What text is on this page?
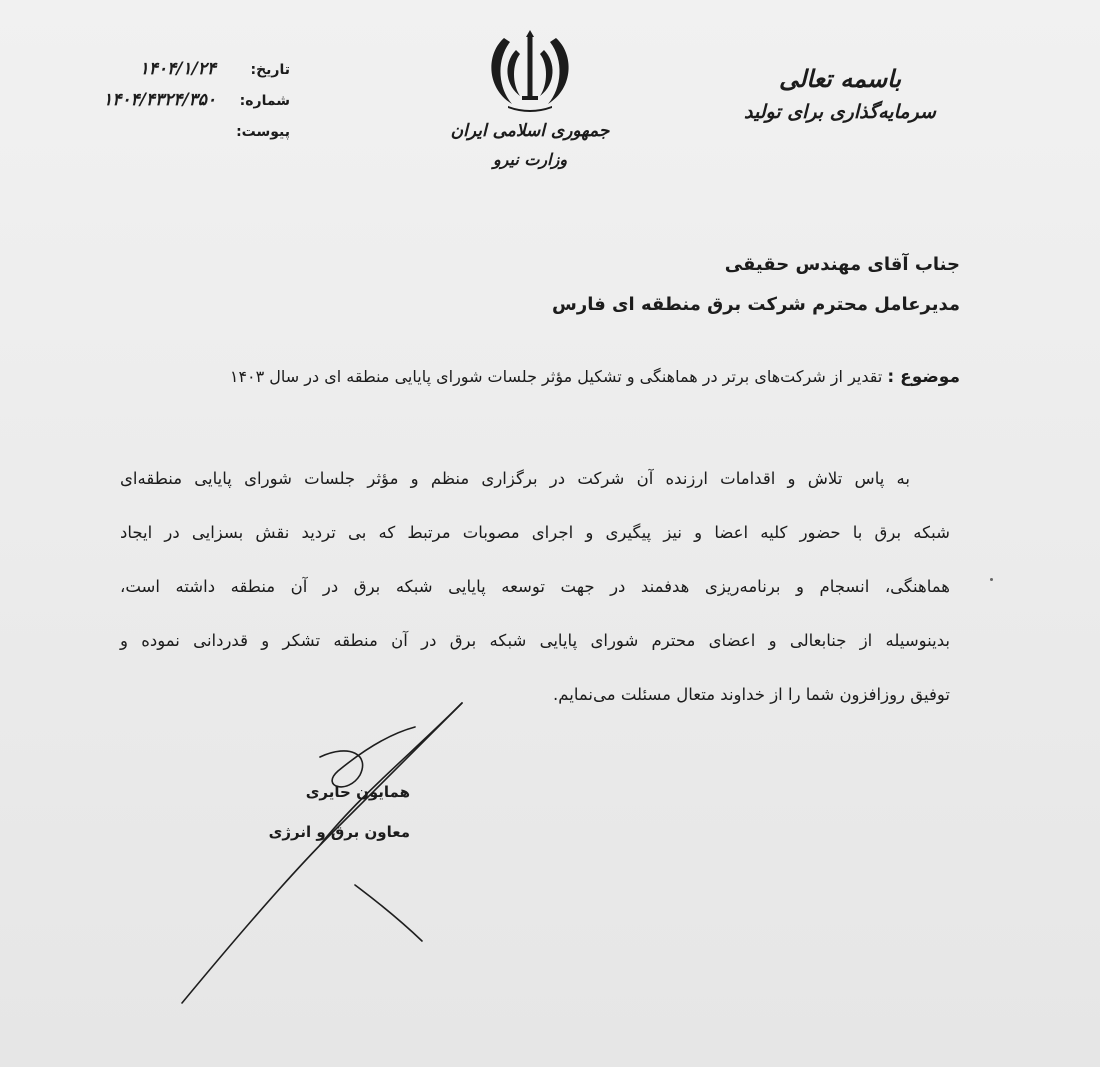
باسمه تعالی
سرمایه‌گذاری برای تولید
جمهوری اسلامی ایران
وزارت نیرو
تاریخ:
۱۴۰۴/۱/۲۴
شماره:
۱۴۰۴/۴۳۲۴/۳۵۰
پیوست:
جناب آقای مهندس حقیقی
مدیرعامل محترم شرکت برق منطقه ای فارس
موضوع : تقدیر از شرکت‌های برتر در هماهنگی و تشکیل مؤثر جلسات شورای پایایی منطقه ای در سال ۱۴۰۳
به پاس تلاش و اقدامات ارزنده آن شرکت در برگزاری منظم و مؤثر جلسات شورای پایایی منطقه‌ای
شبکه برق با حضور کلیه اعضا و نیز پیگیری و اجرای مصوبات مرتبط که بی تردید نقش بسزایی در ایجاد
هماهنگی، انسجام و برنامه‌ریزی هدفمند در جهت توسعه پایایی شبکه برق در آن منطقه داشته است،
بدینوسیله از جنابعالی و اعضای محترم شورای پایایی شبکه برق در آن منطقه تشکر و قدردانی نموده و
توفیق روزافزون شما را از خداوند متعال مسئلت می‌نمایم.
همایون حایری
معاون برق و انرژی
